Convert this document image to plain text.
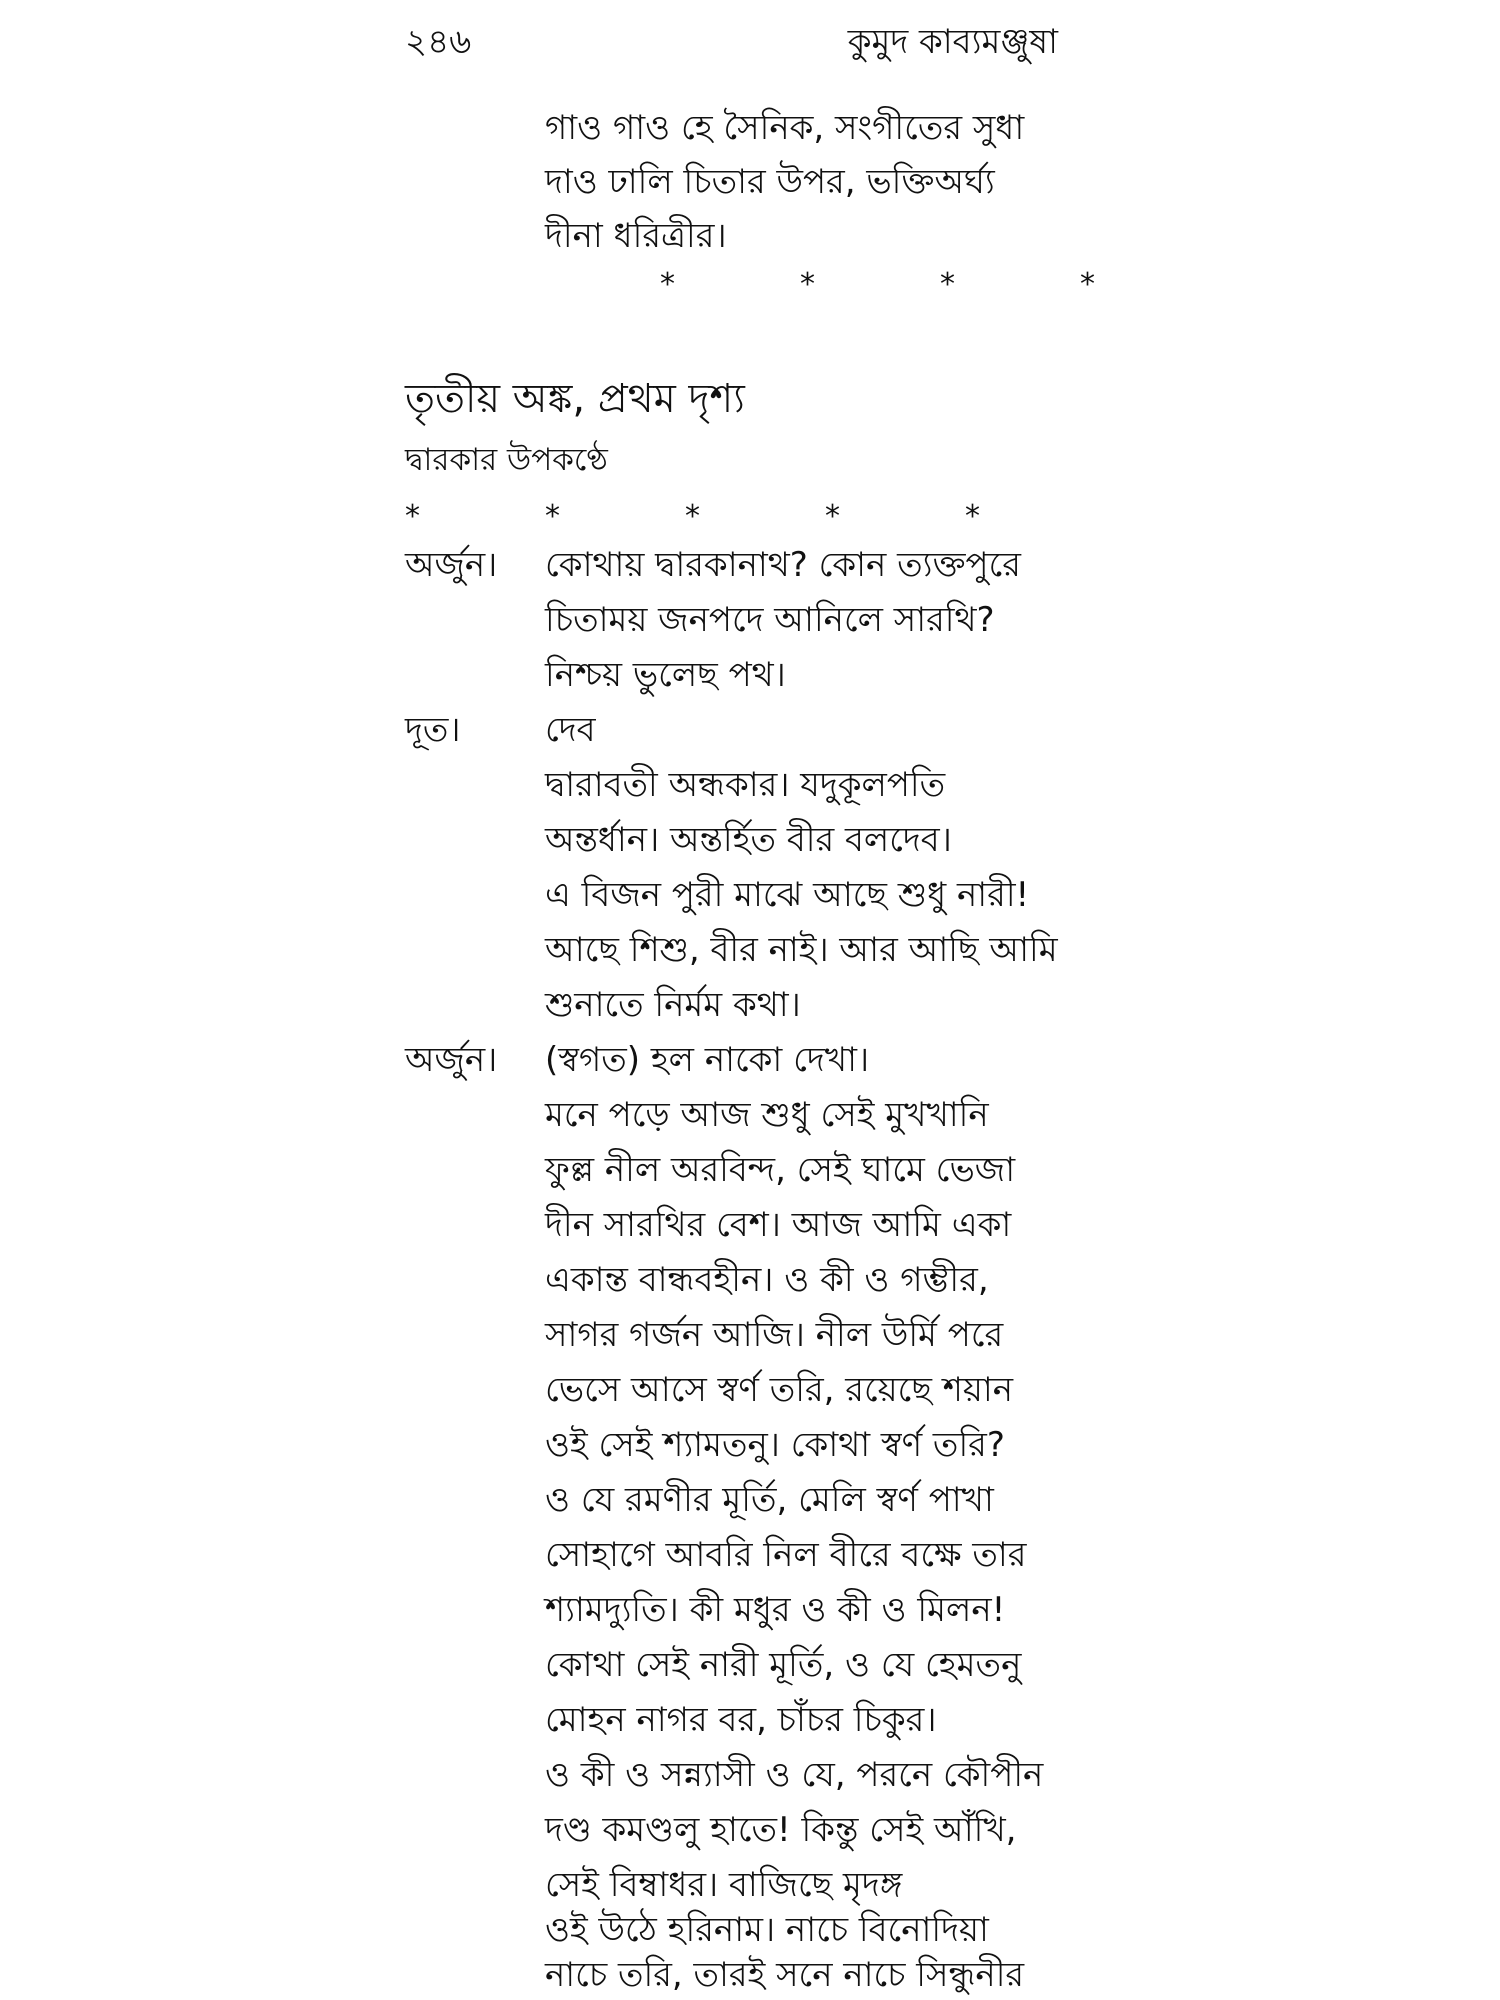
২৪৬	কুমুদ কাব্যমঞ্জুষা
গাও গাও হে সৈনিক, সংগীতের সুধা
দাও ঢালি চিতার উপর, ভক্তিঅর্ঘ্য
দীনা ধরিত্রীর।
*	*	*	*
তৃতীয় অঙ্ক, প্রথম দৃশ্য
দ্বারকার উপকণ্ঠে
*	*	*	*	*
অর্জুন। কোথায় দ্বারকানাথ? কোন ত্যক্তপুরে
চিতাময় জনপদে আনিলে সারথি?
নিশ্চয় ভুলেছ পথ।
দূত। দেব
দ্বারাবতী অন্ধকার। যদুকূলপতি
অন্তর্ধান। অন্তর্হিত বীর বলদেব।
এ বিজন পুরী মাঝে আছে শুধু নারী!
আছে শিশু, বীর নাই। আর আছি আমি
শুনাতে নির্মম কথা।
অর্জুন। (স্বগত) হল নাকো দেখা।
মনে পড়ে আজ শুধু সেই মুখখানি
ফুল্ল নীল অরবিন্দ, সেই ঘামে ভেজা
দীন সারথির বেশ। আজ আমি একা
একান্ত বান্ধবহীন। ও কী ও গম্ভীর,
সাগর গর্জন আজি। নীল উর্মি পরে
ভেসে আসে স্বর্ণ তরি, রয়েছে শয়ান
ওই সেই শ্যামতনু। কোথা স্বর্ণ তরি?
ও যে রমণীর মূর্তি, মেলি স্বর্ণ পাখা
সোহাগে আবরি নিল বীরে বক্ষে তার
শ্যামদ্যুতি। কী মধুর ও কী ও মিলন!
কোথা সেই নারী মূর্তি, ও যে হেমতনু
মোহন নাগর বর, চাঁচর চিকুর।
ও কী ও সন্ন্যাসী ও যে, পরনে কৌপীন
দণ্ড কমণ্ডলু হাতে! কিন্তু সেই আঁখি,
সেই বিম্বাধর। বাজিছে মৃদঙ্গ
ওই উঠে হরিনাম। নাচে বিনোদিয়া
নাচে তরি, তারই সনে নাচে সিন্ধুনীর
